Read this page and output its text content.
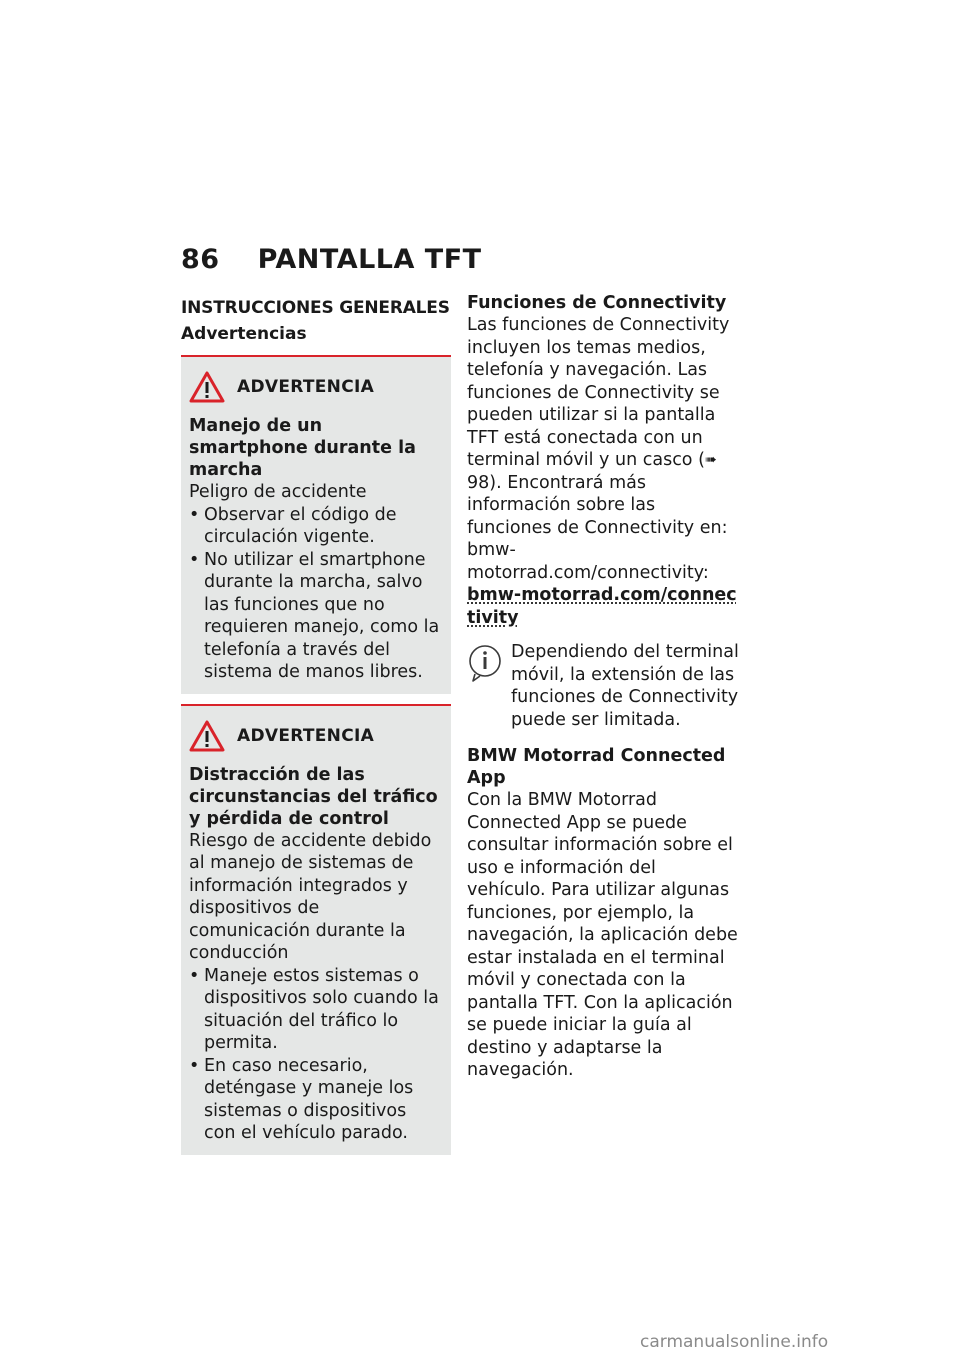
86 PANTALLA TFT
INSTRUCCIONES GENERALES
Advertencias
ADVERTENCIA

Manejo de un smartphone durante la marcha

Peligro de accidente

• Observar el código de circulación vigente.
• No utilizar el smartphone durante la marcha, salvo las funciones que no requieren manejo, como la telefonía a través del sistema de manos libres.
ADVERTENCIA

Distracción de las circunstancias del tráfico y pérdida de control

Riesgo de accidente debido al manejo de sistemas de información integrados y dispositivos de comunicación durante la conducción

• Maneje estos sistemas o dispositivos solo cuando la situación del tráfico lo permita.
• En caso necesario, deténgase y maneje los sistemas o dispositivos con el vehículo parado.
Funciones de Connectivity

Las funciones de Connectivity incluyen los temas medios, telefonía y navegación. Las funciones de Connectivity se pueden utilizar si la pantalla TFT está conectada con un terminal móvil y un casco (➠ 98). Encontrará más información sobre las funciones de Connectivity en: bmw-motorrad.com/connectivity:

bmw-motorrad.com/connectivity

Dependiendo del terminal móvil, la extensión de las funciones de Connectivity puede ser limitada.

BMW Motorrad Connected App

Con la BMW Motorrad Connected App se puede consultar información sobre el uso e información del vehículo. Para utilizar algunas funciones, por ejemplo, la navegación, la aplicación debe estar instalada en el terminal móvil y conectada con la pantalla TFT. Con la aplicación se puede iniciar la guía al destino y adaptarse la navegación.

carmanualsonline.info
